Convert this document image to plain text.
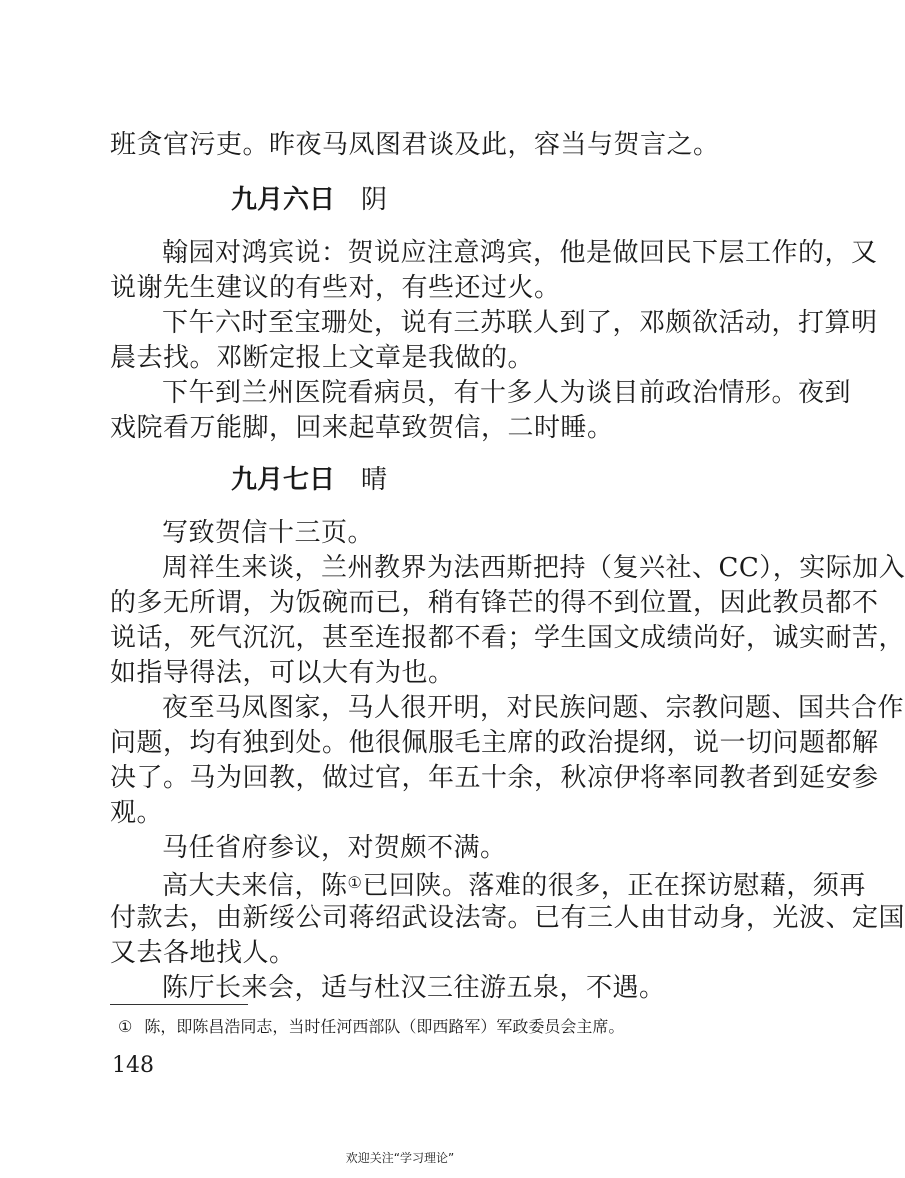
班贪官污吏。昨夜马凤图君谈及此，容当与贺言之。
九月六日 阴
翰园对鸿宾说：贺说应注意鸿宾，他是做回民下层工作的，又
说谢先生建议的有些对，有些还过火。
下午六时至宝珊处，说有三苏联人到了，邓颇欲活动，打算明
晨去找。邓断定报上文章是我做的。
下午到兰州医院看病员，有十多人为谈目前政治情形。夜到
戏院看万能脚，回来起草致贺信，二时睡。
九月七日 晴
写致贺信十三页。
周祥生来谈，兰州教界为法西斯把持（复兴社、CC），实际加入
的多无所谓，为饭碗而已，稍有锋芒的得不到位置，因此教员都不
说话，死气沉沉，甚至连报都不看；学生国文成绩尚好，诚实耐苦，
如指导得法，可以大有为也。
夜至马凤图家，马人很开明，对民族问题、宗教问题、国共合作
问题，均有独到处。他很佩服毛主席的政治提纲，说一切问题都解
决了。马为回教，做过官，年五十余，秋凉伊将率同教者到延安参
观。
马任省府参议，对贺颇不满。
高大夫来信，陈①已回陕。落难的很多，正在探访慰藉，须再
付款去，由新绥公司蒋绍武设法寄。已有三人由甘动身，光波、定国
又去各地找人。
陈厅长来会，适与杜汉三往游五泉，不遇。
① 陈，即陈昌浩同志，当时任河西部队（即西路军）军政委员会主席。
148
欢迎关注“学习理论”
